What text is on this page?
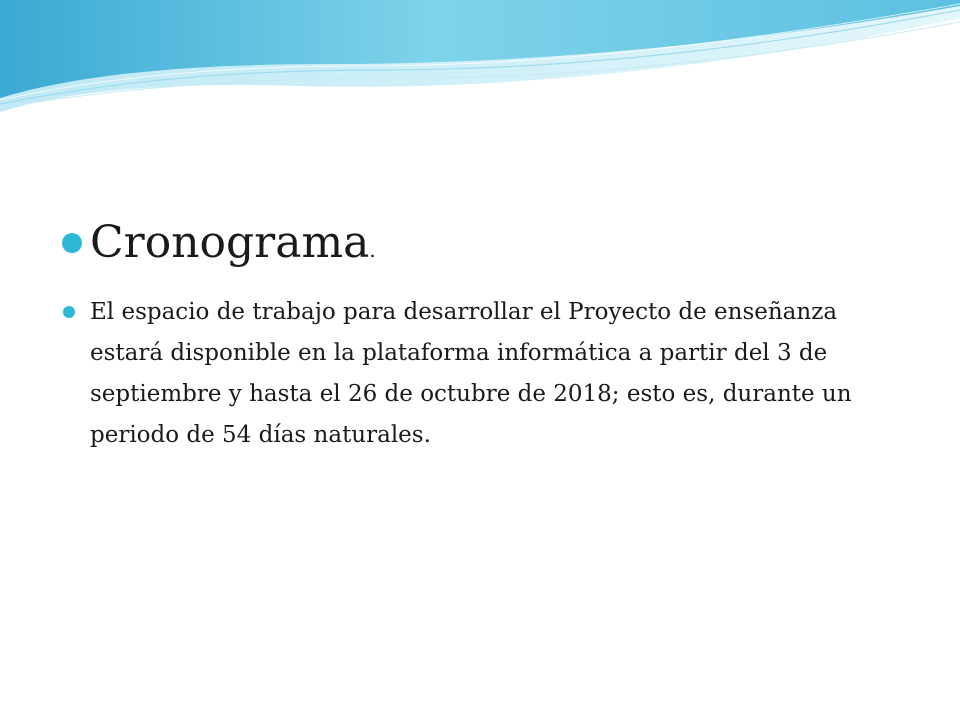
Cronograma.
El espacio de trabajo para desarrollar el Proyecto de enseñanza estará disponible en la plataforma informática a partir del 3 de septiembre y hasta el 26 de octubre de 2018; esto es, durante un periodo de 54 días naturales.
